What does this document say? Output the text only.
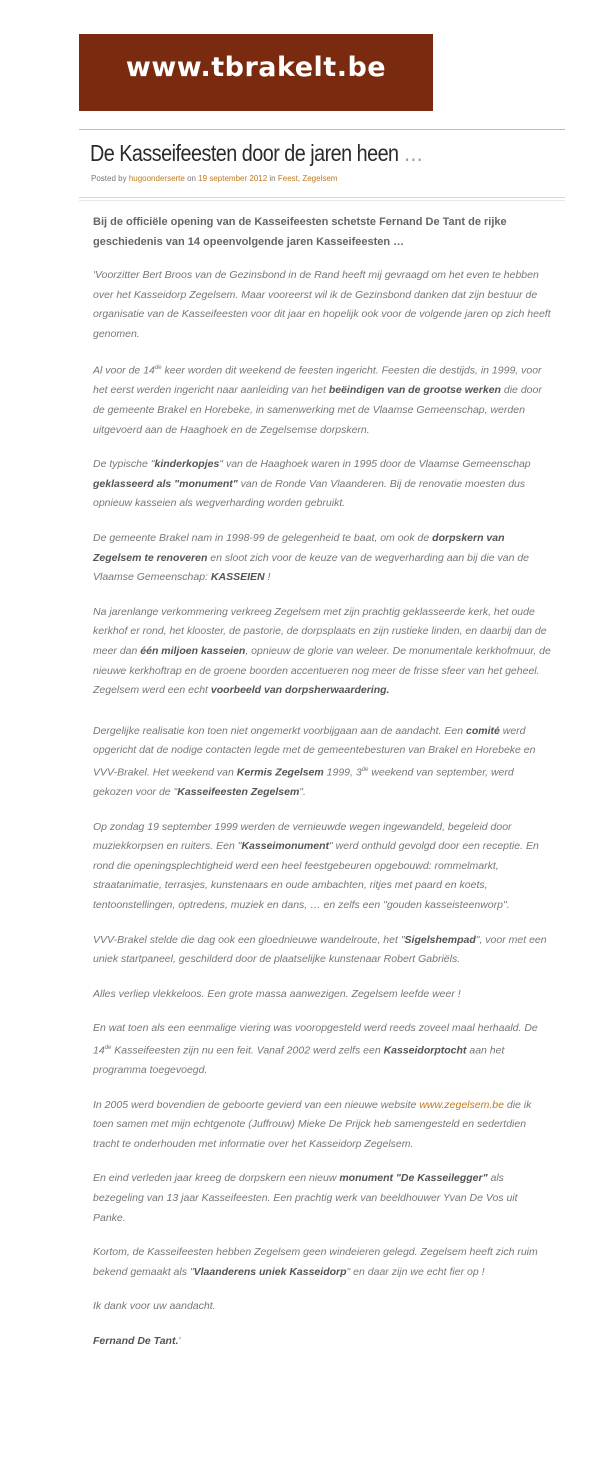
www.tbrakelt.be
De Kasseifeesten door de jaren heen …
Posted by hugoonderserte on 19 september 2012 in Feest, Zegelsem

Bij de officiële opening van de Kasseifeesten schetste Fernand De Tant de rijke geschiedenis van 14 opeenvolgende jaren Kasseifeesten …

'Voorzitter Bert Broos van de Gezinsbond in de Rand heeft mij gevraagd om het even te hebben over het Kasseidorp Zegelsem. Maar vooreerst wil ik de Gezinsbond danken dat zijn bestuur de organisatie van de Kasseifeesten voor dit jaar en hopelijk ook voor de volgende jaren op zich heeft genomen.

Al voor de 14de keer worden dit weekend de feesten ingericht. Feesten die destijds, in 1999, voor het eerst werden ingericht naar aanleiding van het beëindigen van de grootse werken die door de gemeente Brakel en Horebeke, in samenwerking met de Vlaamse Gemeenschap, werden uitgevoerd aan de Haaghoek en de Zegelsemse dorpskern.

De typische "kinderkopjes" van de Haaghoek waren in 1995 door de Vlaamse Gemeenschap geklasseerd als "monument" van de Ronde Van Vlaanderen. Bij de renovatie moesten dus opnieuw kasseien als wegverharding worden gebruikt.

De gemeente Brakel nam in 1998-99 de gelegenheid te baat, om ook de dorpskern van Zegelsem te renoveren en sloot zich voor de keuze van de wegverharding aan bij die van de Vlaamse Gemeenschap: KASSEIEN !

Na jarenlange verkommering verkreeg Zegelsem met zijn prachtig geklasseerde kerk, het oude kerkhof er rond, het klooster, de pastorie, de dorpsplaats en zijn rustieke linden, en daarbij dan de meer dan één miljoen kasseien, opnieuw de glorie van weleer. De monumentale kerkhofmuur, de nieuwe kerkhoftrap en de groene boorden accentueren nog meer de frisse sfeer van het geheel. Zegelsem werd een echt voorbeeld van dorpsherwaardering.

Dergelijke realisatie kon toen niet ongemerkt voorbijgaan aan de aandacht. Een comité werd opgericht dat de nodige contacten legde met de gemeentebesturen van Brakel en Horebeke en VVV-Brakel. Het weekend van Kermis Zegelsem 1999, 3de weekend van september, werd gekozen voor de "Kasseifeesten Zegelsem".

Op zondag 19 september 1999 werden de vernieuwde wegen ingewandeld, begeleid door muziekkorpsen en ruiters. Een "Kasseimonument" werd onthuld gevolgd door een receptie. En rond die openingsplechtigheid werd een heel feestgebeuren opgebouwd: rommelmarkt, straatanimatie, terrasjes, kunstenaars en oude ambachten, ritjes met paard en koets, tentoonstellingen, optredens, muziek en dans, … en zelfs een "gouden kasseisteenworp".

VVV-Brakel stelde die dag ook een gloednieuwe wandelroute, het "Sigelshempad", voor met een uniek startpaneel, geschilderd door de plaatselijke kunstenaar Robert Gabriëls.

Alles verliep vlekkeloos. Een grote massa aanwezigen. Zegelsem leefde weer !

En wat toen als een eenmalige viering was vooropgesteld werd reeds zoveel maal herhaald. De 14de Kasseifeesten zijn nu een feit. Vanaf 2002 werd zelfs een Kasseidorptocht aan het programma toegevoegd.

In 2005 werd bovendien de geboorte gevierd van een nieuwe website www.zegelsem.be die ik toen samen met mijn echtgenote (Juffrouw) Mieke De Prijck heb samengesteld en sedertdien tracht te onderhouden met informatie over het Kasseidorp Zegelsem.

En eind verleden jaar kreeg de dorpskern een nieuw monument "De Kasseilegger" als bezegeling van 13 jaar Kasseifeesten. Een prachtig werk van beeldhouwer Yvan De Vos uit Panke.

Kortom, de Kasseifeesten hebben Zegelsem geen windeieren gelegd. Zegelsem heeft zich ruim bekend gemaakt als "Vlaanderens uniek Kasseidorp" en daar zijn we echt fier op !

Ik dank voor uw aandacht.

Fernand De Tant.'
